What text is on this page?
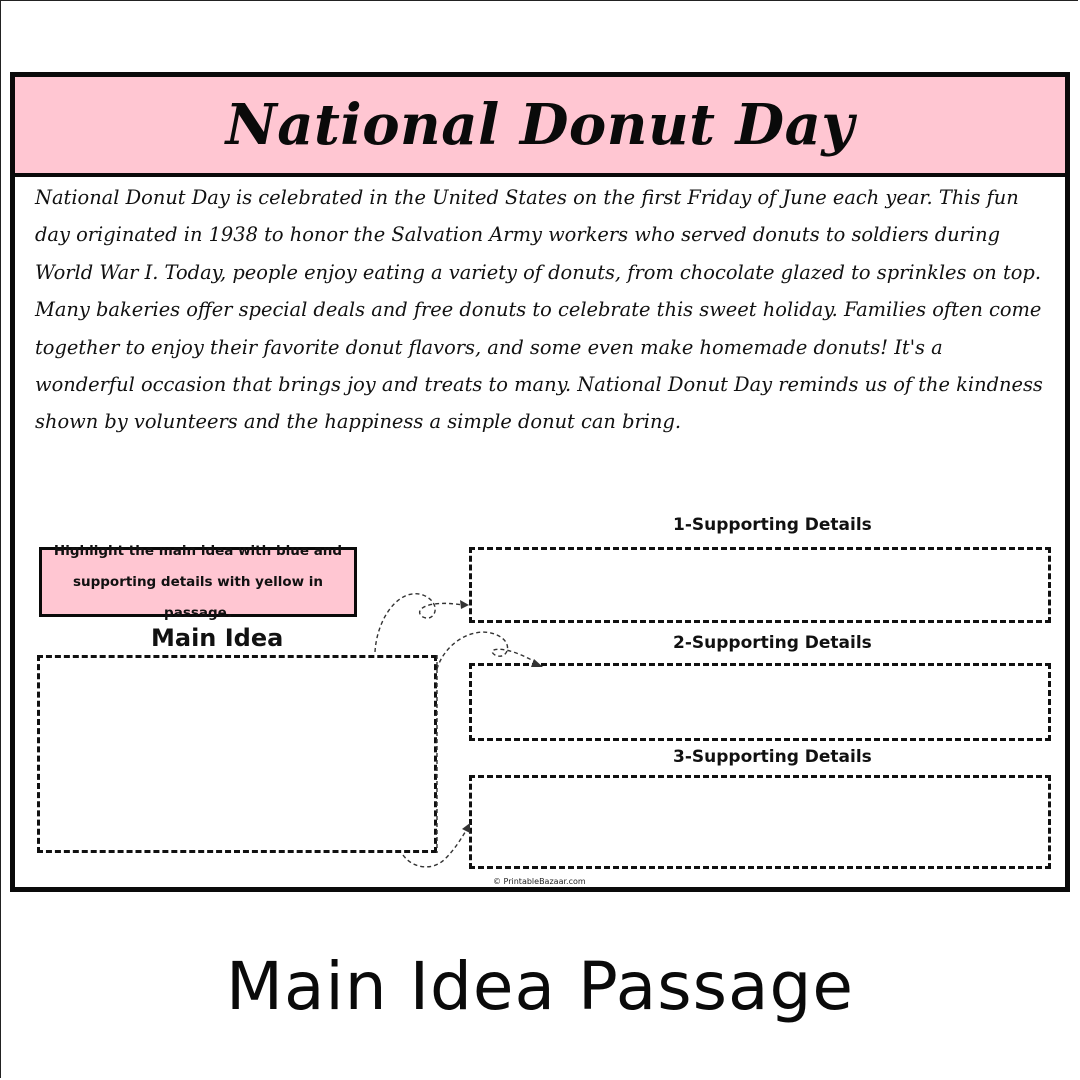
National Donut Day

National Donut Day is celebrated in the United States on the first Friday of June each year. This fun day originated in 1938 to honor the Salvation Army workers who served donuts to soldiers during World War I. Today, people enjoy eating a variety of donuts, from chocolate glazed to sprinkles on top. Many bakeries offer special deals and free donuts to celebrate this sweet holiday. Families often come together to enjoy their favorite donut flavors, and some even make homemade donuts! It's a wonderful occasion that brings joy and treats to many. National Donut Day reminds us of the kindness shown by volunteers and the happiness a simple donut can bring.

Highlight the main idea with blue and supporting details with yellow in passage.
Main Idea
1-Supporting Details
2-Supporting Details
3-Supporting Details
© PrintableBazaar.com
Main Idea Passage
